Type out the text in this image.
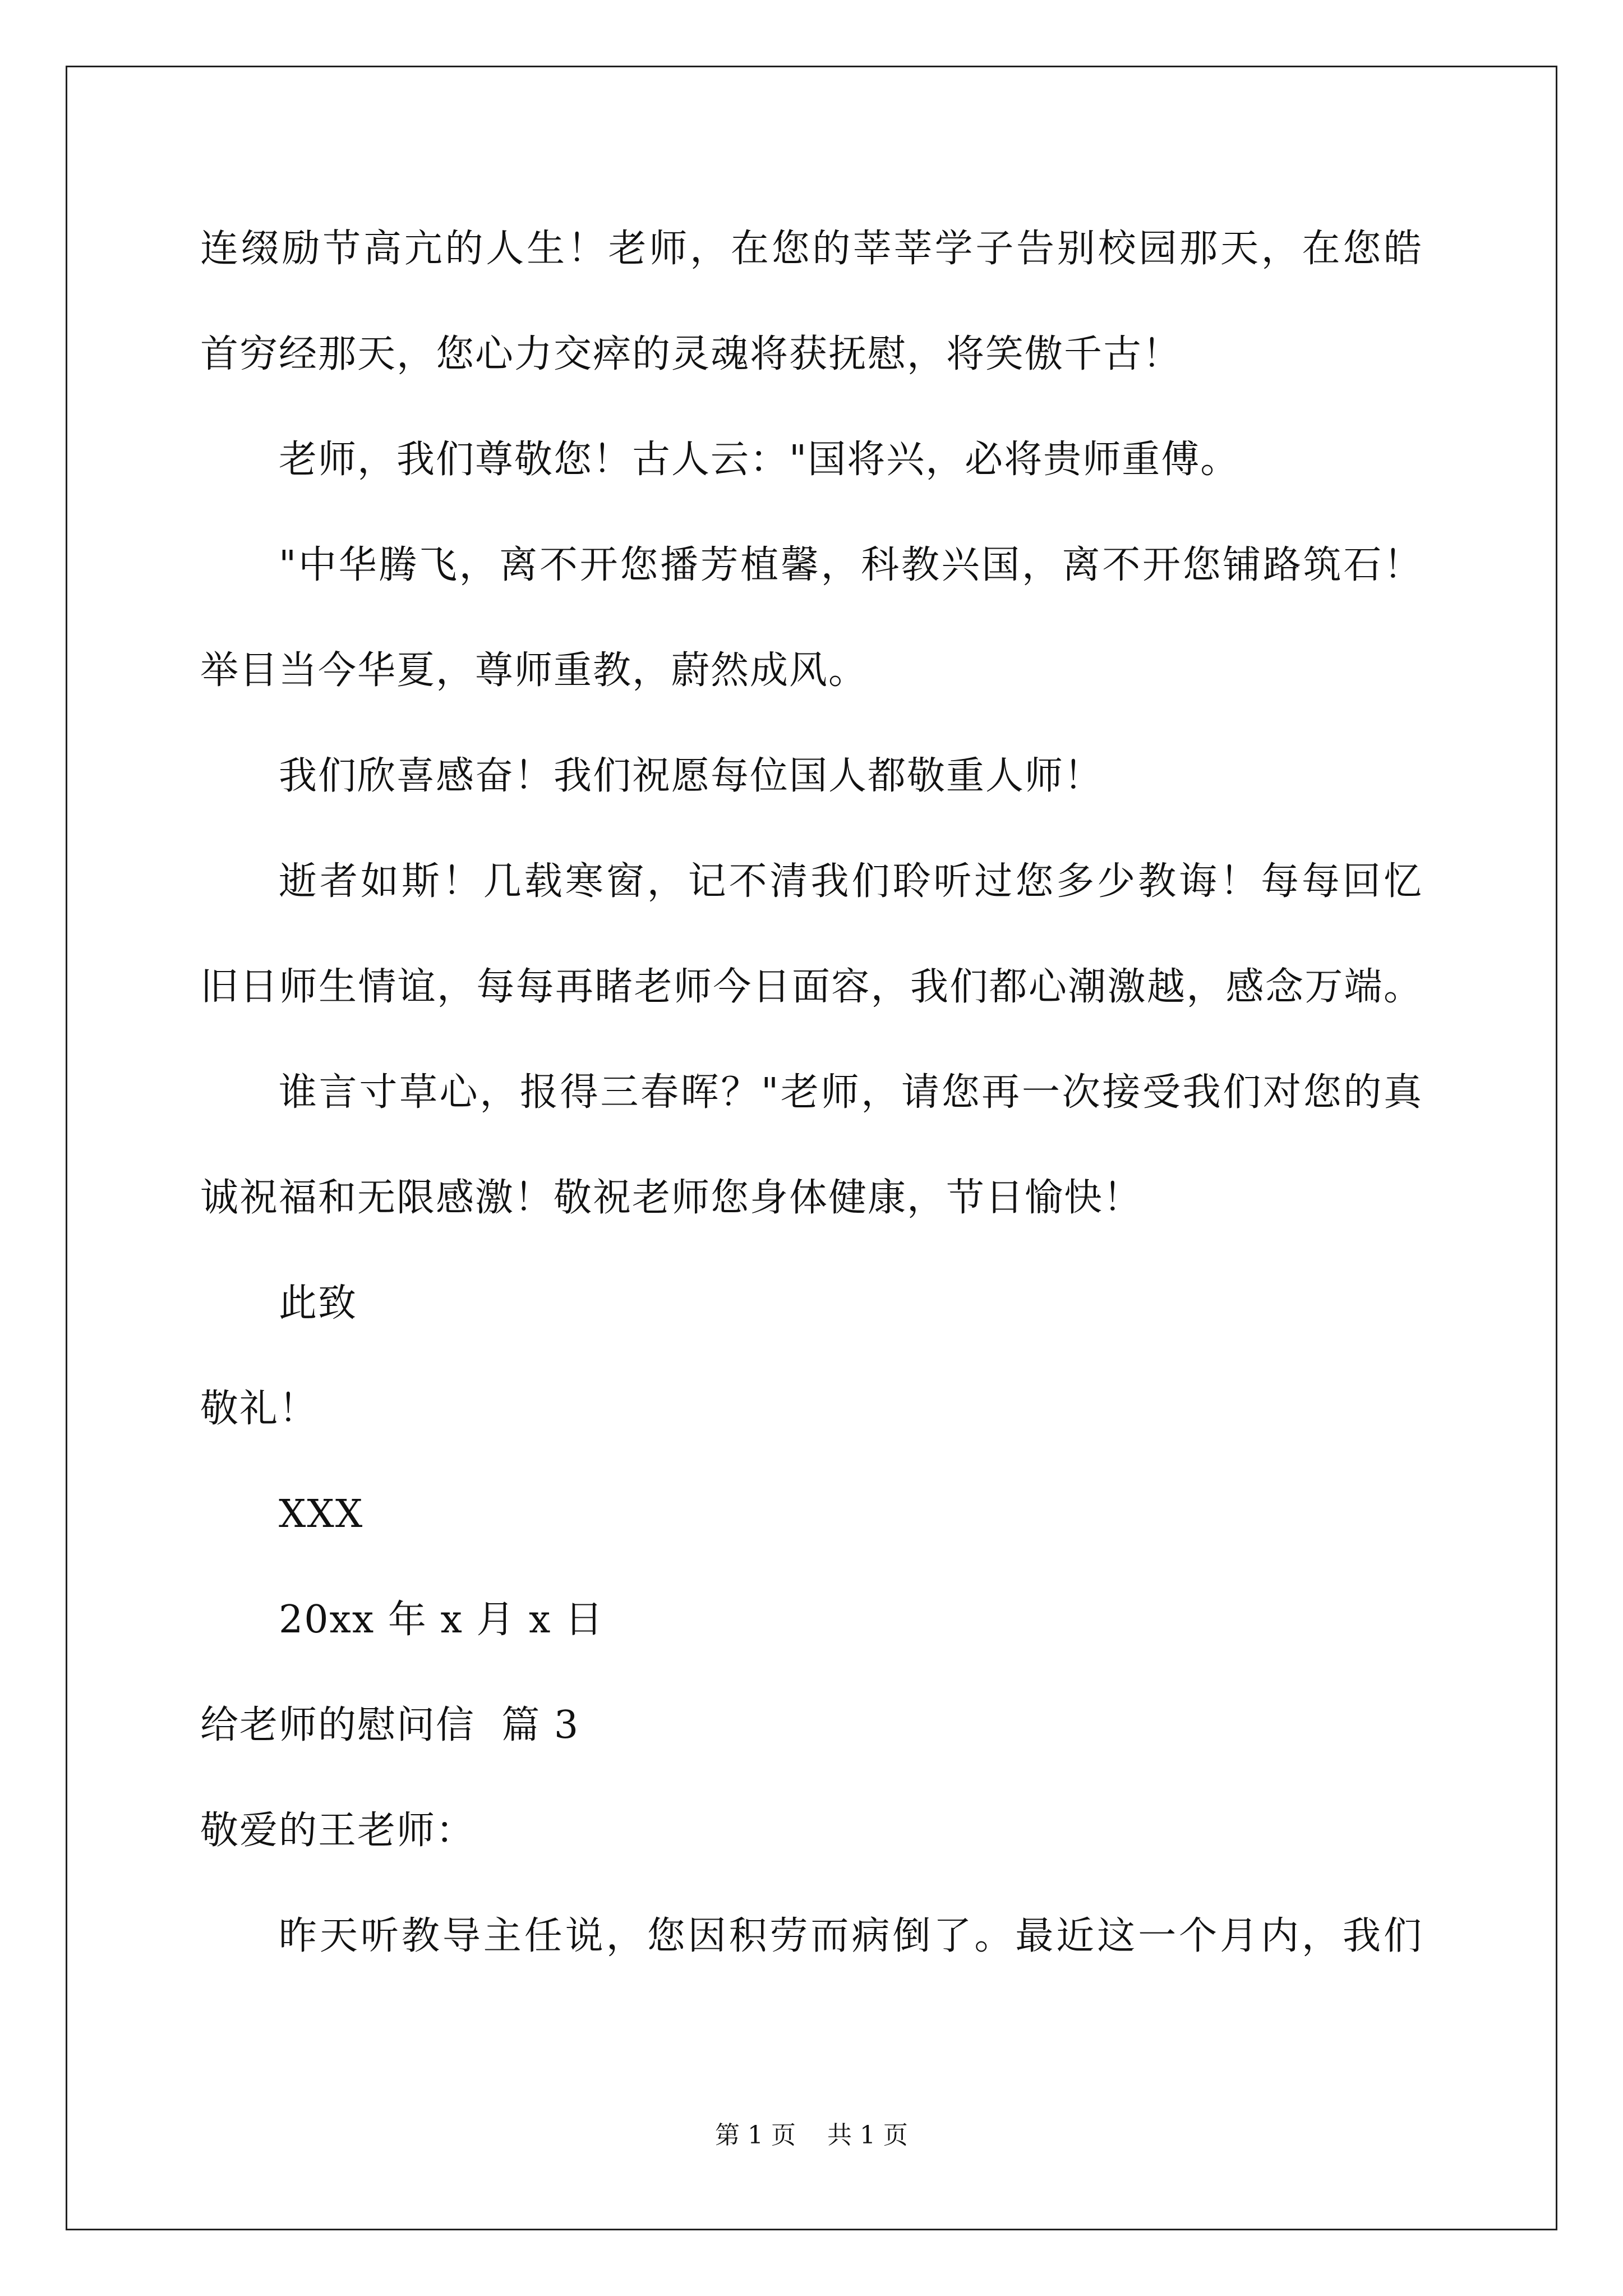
连缀励节高亢的人生！老师，在您的莘莘学子告别校园那天，在您皓
首穷经那天，您心力交瘁的灵魂将获抚慰，将笑傲千古！
老师，我们尊敬您！古人云："国将兴，必将贵师重傅。
"中华腾飞，离不开您播芳植馨，科教兴国，离不开您铺路筑石！
举目当今华夏，尊师重教，蔚然成风。
我们欣喜感奋！我们祝愿每位国人都敬重人师！
逝者如斯！几载寒窗，记不清我们聆听过您多少教诲！每每回忆
旧日师生情谊，每每再睹老师今日面容，我们都心潮激越，感念万端。
谁言寸草心，报得三春晖？"老师，请您再一次接受我们对您的真
诚祝福和无限感激！敬祝老师您身体健康，节日愉快！
此致
敬礼！
XXX
20xx 年 x 月 x 日
给老师的慰问信  篇 3
敬爱的王老师：
昨天听教导主任说，您因积劳而病倒了。最近这一个月内，我们
第 1 页    共 1 页
